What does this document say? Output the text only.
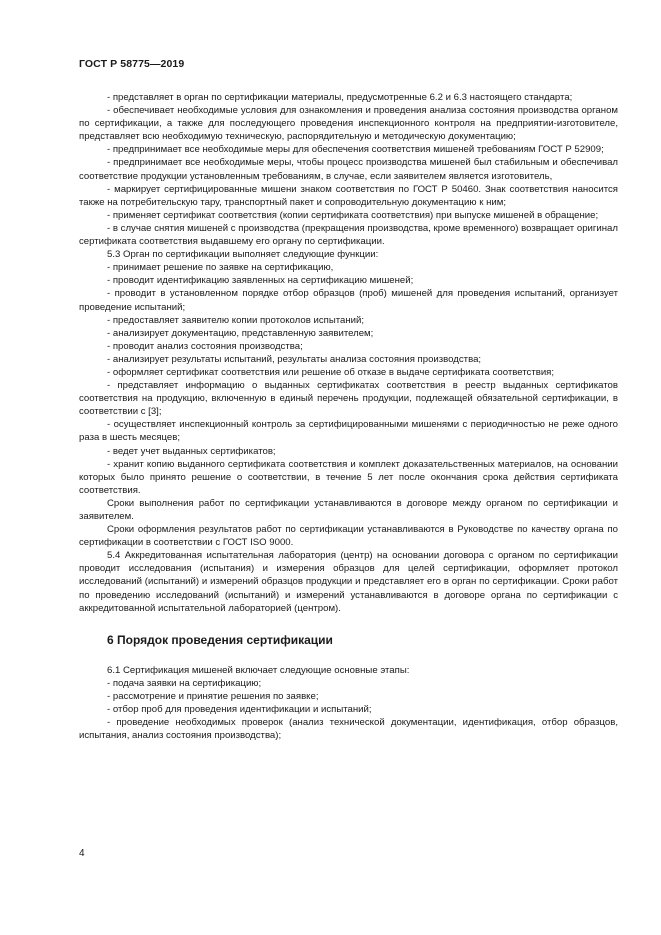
ГОСТ Р 58775—2019

- представляет в орган по сертификации материалы, предусмотренные 6.2 и 6.3 настоящего стандарта;

- обеспечивает необходимые условия для ознакомления и проведения анализа состояния производства органом по сертификации, а также для последующего проведения инспекционного контроля на предприятии-изготовителе, представляет всю необходимую техническую, распорядительную и методическую документацию;

- предпринимает все необходимые меры для обеспечения соответствия мишеней требованиям ГОСТ Р 52909;

- предпринимает все необходимые меры, чтобы процесс производства мишеней был стабильным и обеспечивал соответствие продукции установленным требованиям, в случае, если заявителем является изготовитель,

- маркирует сертифицированные мишени знаком соответствия по ГОСТ Р 50460. Знак соответствия наносится также на потребительскую тару, транспортный пакет и сопроводительную документацию к ним;

- применяет сертификат соответствия (копии сертификата соответствия) при выпуске мишеней в обращение;

- в случае снятия мишеней с производства (прекращения производства, кроме временного) возвращает оригинал сертификата соответствия выдавшему его органу по сертификации.

5.3 Орган по сертификации выполняет следующие функции:

- принимает решение по заявке на сертификацию,

- проводит идентификацию заявленных на сертификацию мишеней;

- проводит в установленном порядке отбор образцов (проб) мишеней для проведения испытаний, организует проведение испытаний;

- предоставляет заявителю копии протоколов испытаний;

- анализирует документацию, представленную заявителем;

- проводит анализ состояния производства;

- анализирует результаты испытаний, результаты анализа состояния производства;

- оформляет сертификат соответствия или решение об отказе в выдаче сертификата соответствия;

- представляет информацию о выданных сертификатах соответствия в реестр выданных сертификатов соответствия на продукцию, включенную в единый перечень продукции, подлежащей обязательной сертификации, в соответствии с [3];

- осуществляет инспекционный контроль за сертифицированными мишенями с периодичностью не реже одного раза в шесть месяцев;

- ведет учет выданных сертификатов;

- хранит копию выданного сертификата соответствия и комплект доказательственных материалов, на основании которых было принято решение о соответствии, в течение 5 лет после окончания срока действия сертификата соответствия.

Сроки выполнения работ по сертификации устанавливаются в договоре между органом по сертификации и заявителем.

Сроки оформления результатов работ по сертификации устанавливаются в Руководстве по качеству органа по сертификации в соответствии с ГОСТ ISO 9000.

5.4 Аккредитованная испытательная лаборатория (центр) на основании договора с органом по сертификации проводит исследования (испытания) и измерения образцов для целей сертификации, оформляет протокол исследований (испытаний) и измерений образцов продукции и представляет его в орган по сертификации. Сроки работ по проведению исследований (испытаний) и измерений устанавливаются в договоре органа по сертификации с аккредитованной испытательной лабораторией (центром).

6 Порядок проведения сертификации

6.1 Сертификация мишеней включает следующие основные этапы:

- подача заявки на сертификацию;

- рассмотрение и принятие решения по заявке;

- отбор проб для проведения идентификации и испытаний;

- проведение необходимых проверок (анализ технической документации, идентификация, отбор образцов, испытания, анализ состояния производства);

4
